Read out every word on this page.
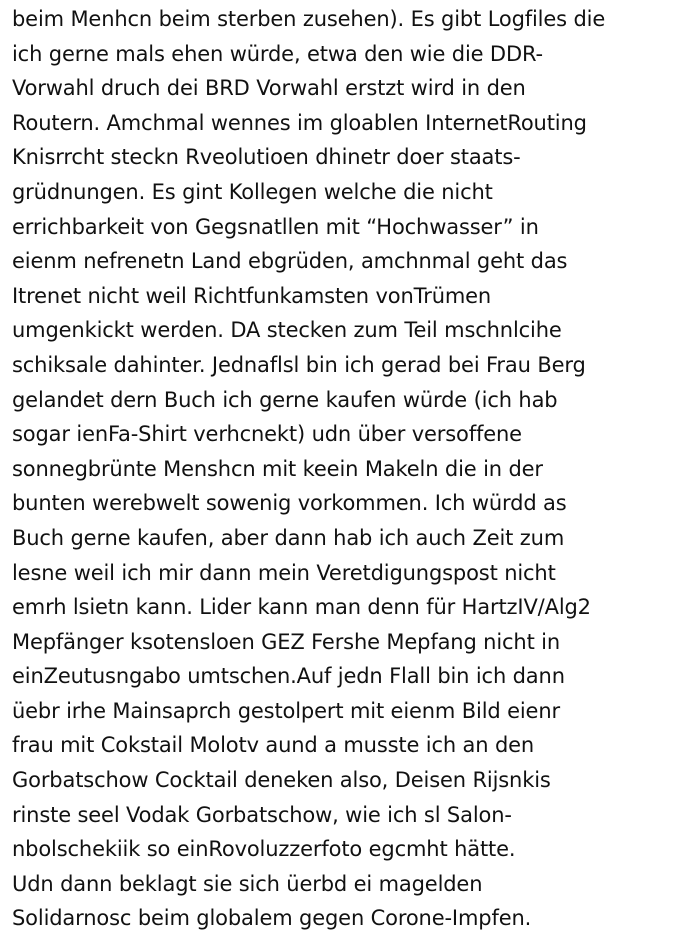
beim Menhcn beim sterben zusehen). Es gibt Logfiles die
ich gerne mals ehen würde, etwa den wie die DDR-
Vorwahl druch dei BRD Vorwahl erstzt wird in den
Routern. Amchmal wennes im gloablen InternetRouting
Knisrrcht steckn Rveolutioen dhinetr doer staats-
grüdnungen. Es gint Kollegen welche die nicht
errichbarkeit von Gegsnatllen mit “Hochwasser” in
eienm nefrenetn Land ebgrüden, amchnmal geht das
Itrenet nicht weil Richtfunkamsten vonTrümen
umgenkickt werden. DA stecken zum Teil mschnlcihe
schiksale dahinter. Jednaflsl bin ich gerad bei Frau Berg
gelandet dern Buch ich gerne kaufen würde (ich hab
sogar ienFa-Shirt verhcnekt) udn über versoffene
sonnegbrünte Menshcn mit keein Makeln die in der
bunten werebwelt sowenig vorkommen. Ich würdd as
Buch gerne kaufen, aber dann hab ich auch Zeit zum
lesne weil ich mir dann mein Veretdigungspost nicht
emrh lsietn kann. Lider kann man denn für HartzIV/Alg2
Mepfänger ksotensloen GEZ Fershe Mepfang nicht in
einZeutusngabo umtschen.Auf jedn Flall bin ich dann
üebr irhe Mainsaprch gestolpert mit eienm Bild eienr
frau mit Cokstail Molotv aund a musste ich an den
Gorbatschow Cocktail deneken also, Deisen Rijsnkis
rinste seel Vodak Gorbatschow, wie ich sl Salon-
nbolschekiik so einRovoluzzerfoto egcmht hätte.
Udn dann beklagt sie sich üerbd ei magelden
Solidarnosc beim globalem gegen Corone-Impfen.
